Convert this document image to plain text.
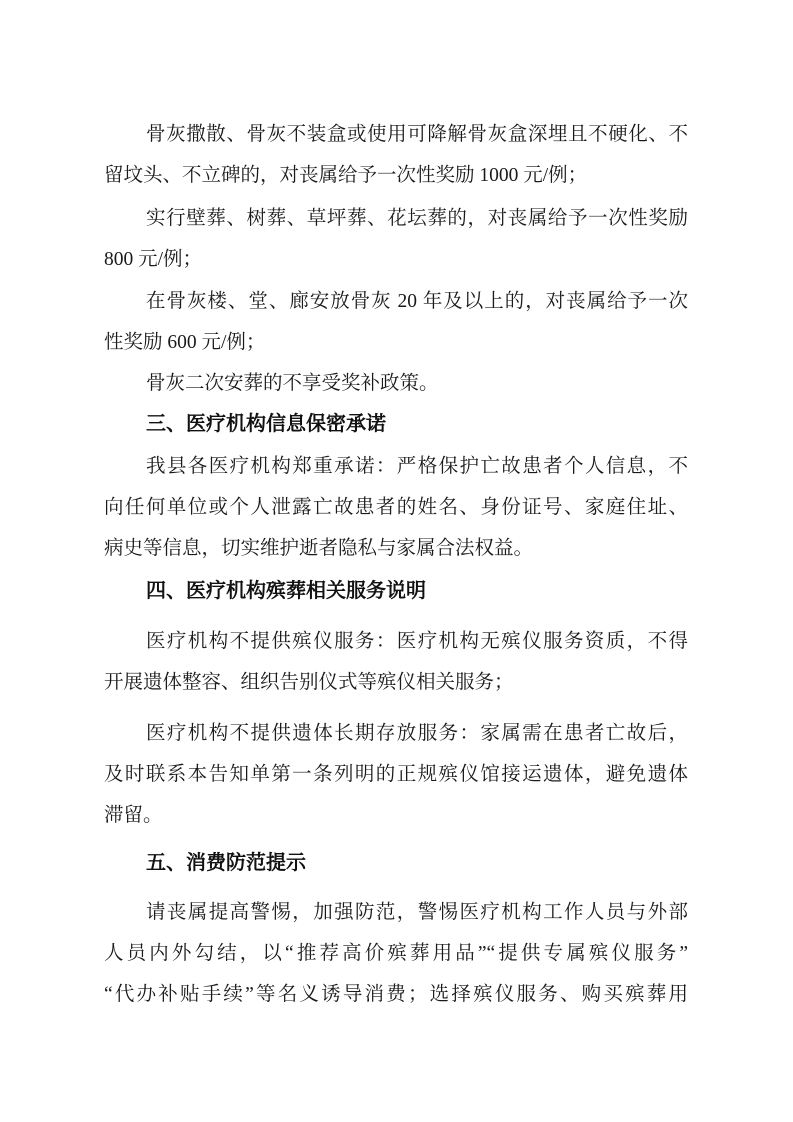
骨灰撒散、骨灰不装盒或使用可降解骨灰盒深埋且不硬化、不
留坟头、不立碑的，对丧属给予一次性奖励 1000 元/例；

实行壁葬、树葬、草坪葬、花坛葬的，对丧属给予一次性奖励
800 元/例；

在骨灰楼、堂、廊安放骨灰 20 年及以上的，对丧属给予一次
性奖励 600 元/例；

骨灰二次安葬的不享受奖补政策。

三、医疗机构信息保密承诺

我县各医疗机构郑重承诺：严格保护亡故患者个人信息，不
向任何单位或个人泄露亡故患者的姓名、身份证号、家庭住址、
病史等信息，切实维护逝者隐私与家属合法权益。

四、医疗机构殡葬相关服务说明

医疗机构不提供殡仪服务：医疗机构无殡仪服务资质，不得
开展遗体整容、组织告别仪式等殡仪相关服务；

医疗机构不提供遗体长期存放服务：家属需在患者亡故后，
及时联系本告知单第一条列明的正规殡仪馆接运遗体，避免遗体
滞留。

五、消费防范提示

请丧属提高警惕，加强防范，警惕医疗机构工作人员与外部
人员内外勾结，以“推荐高价殡葬用品”“提供专属殡仪服务”
“代办补贴手续”等名义诱导消费；选择殡仪服务、购买殡葬用
